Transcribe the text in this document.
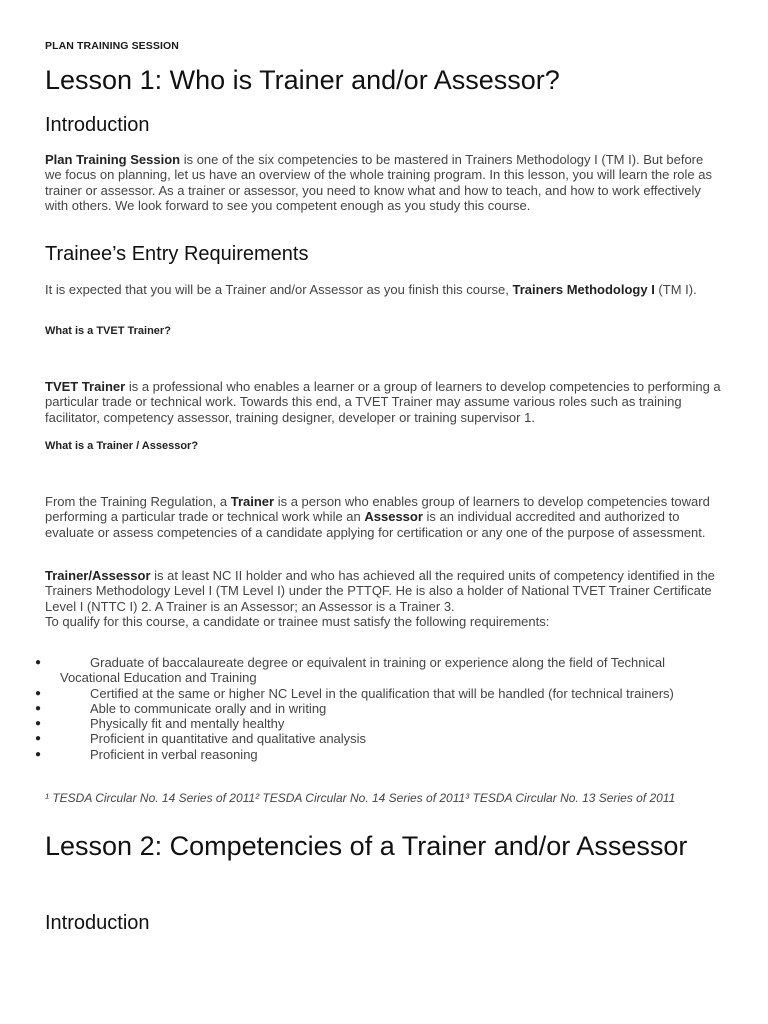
PLAN TRAINING SESSION
Lesson 1: Who is Trainer and/or Assessor?
Introduction

Plan Training Session is one of the six competencies to be mastered in Trainers Methodology I (TM I). But before we focus on planning, let us have an overview of the whole training program. In this lesson, you will learn the role as trainer or assessor. As a trainer or assessor, you need to know what and how to teach, and how to work effectively with others. We look forward to see you competent enough as you study this course.

Trainee’s Entry Requirements

It is expected that you will be a Trainer and/or Assessor as you finish this course, Trainers Methodology I (TM I).

What is a TVET Trainer?

TVET Trainer is a professional who enables a learner or a group of learners to develop competencies to performing a particular trade or technical work. Towards this end, a TVET Trainer may assume various roles such as training facilitator, competency assessor, training designer, developer or training supervisor 1.

What is a Trainer / Assessor?

From the Training Regulation, a Trainer is a person who enables group of learners to develop competencies toward performing a particular trade or technical work while an Assessor is an individual accredited and authorized to evaluate or assess competencies of a candidate applying for certification or any one of the purpose of assessment.

Trainer/Assessor is at least NC II holder and who has achieved all the required units of competency identified in the Trainers Methodology Level I (TM Level I) under the PTTQF. He is also a holder of National TVET Trainer Certificate Level I (NTTC I) 2. A Trainer is an Assessor; an Assessor is a Trainer 3.
To qualify for this course, a candidate or trainee must satisfy the following requirements:

●	Graduate of baccalaureate degree or equivalent in training or experience along the field of Technical Vocational Education and Training
●	Certified at the same or higher NC Level in the qualification that will be handled (for technical trainers)
●	Able to communicate orally and in writing
●	Physically fit and mentally healthy
●	Proficient in quantitative and qualitative analysis
●	Proficient in verbal reasoning

¹ TESDA Circular No. 14 Series of 2011² TESDA Circular No. 14 Series of 2011³ TESDA Circular No. 13 Series of 2011

Lesson 2: Competencies of a Trainer and/or Assessor
Introduction
